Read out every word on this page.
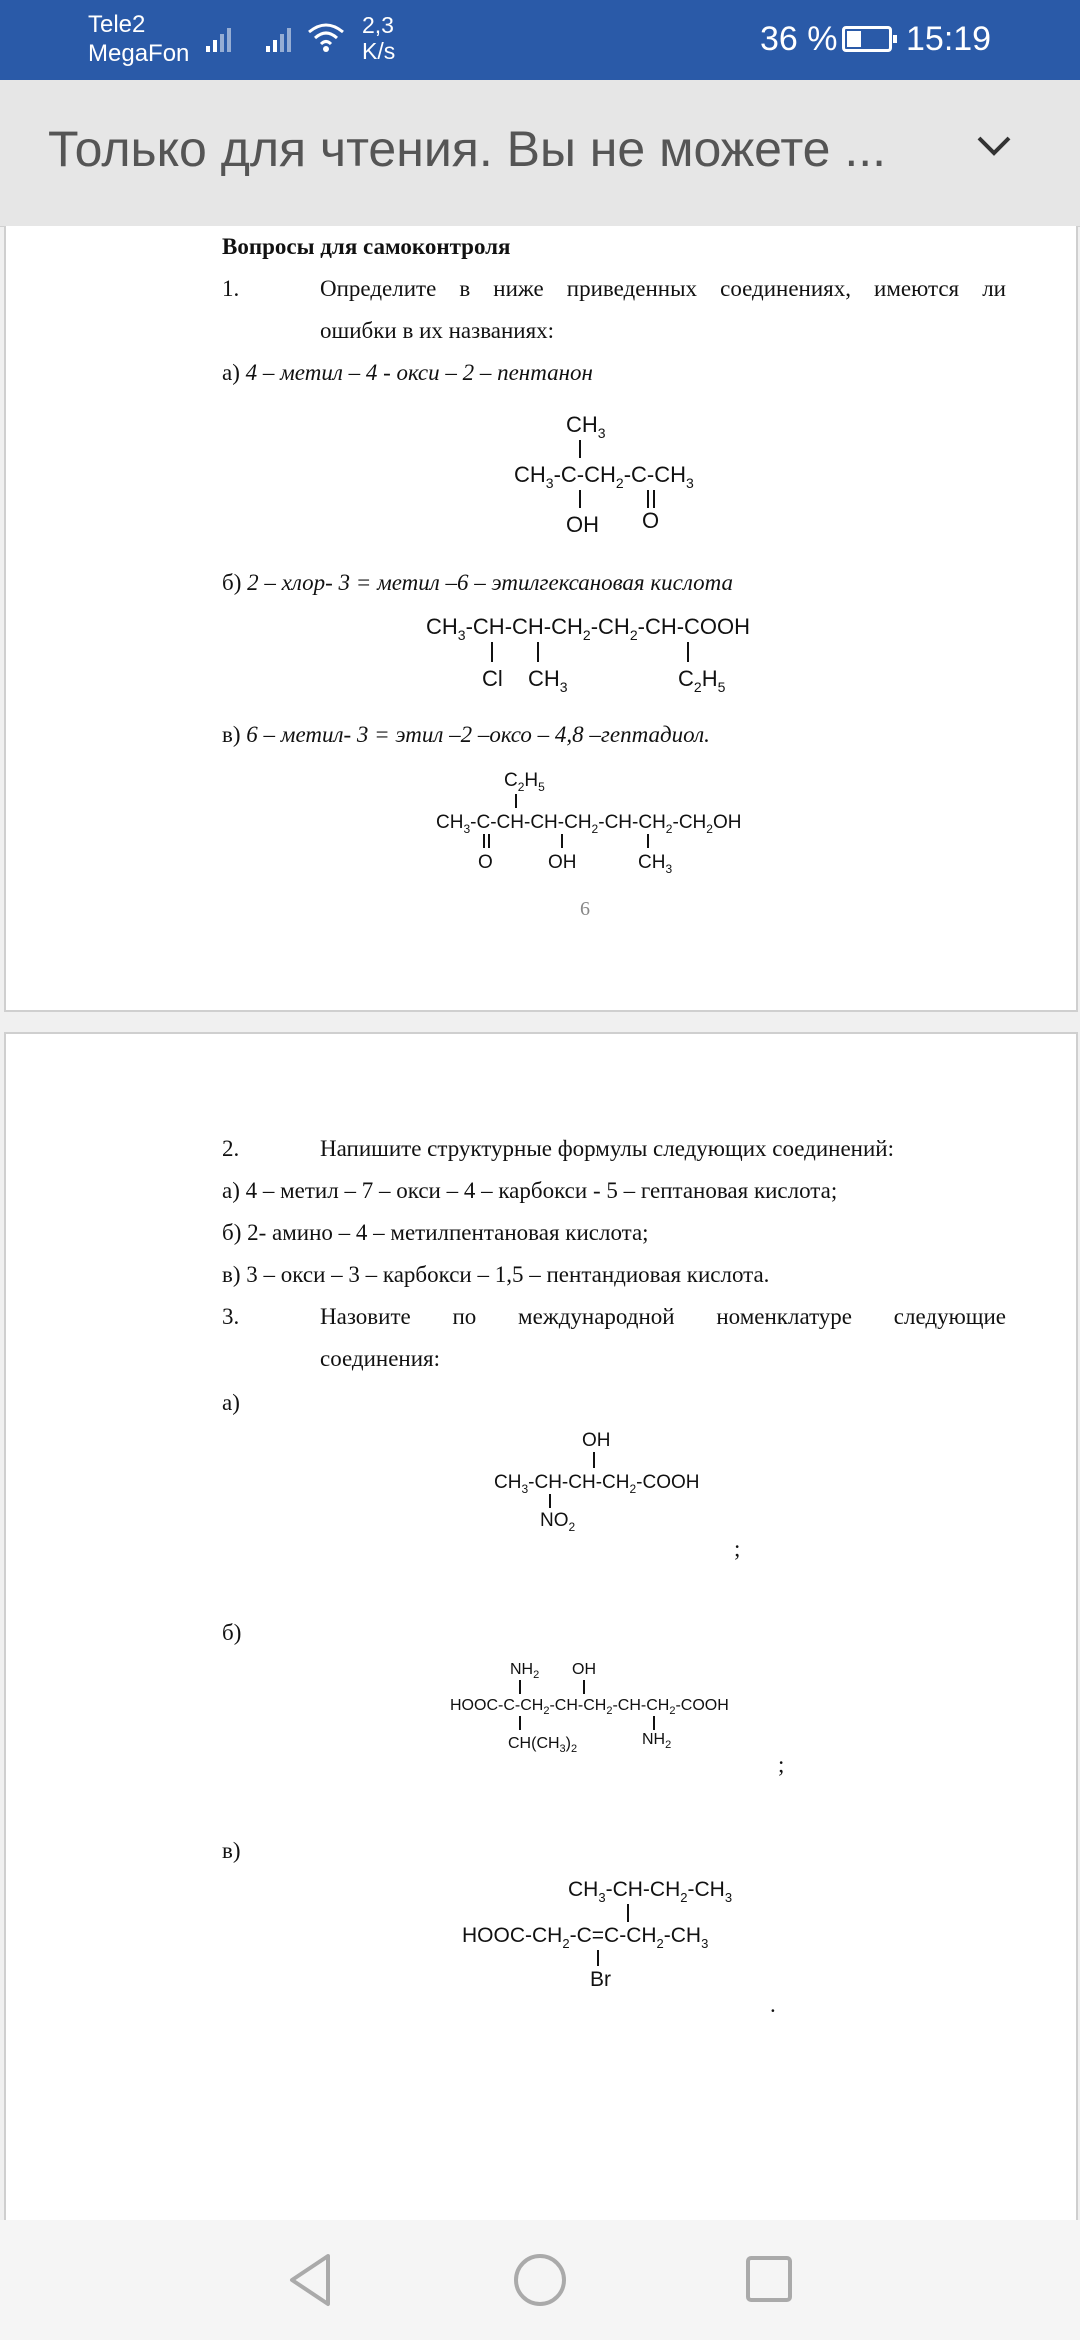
Tele2
MegaFon
2,3
K/s	36 % 15:19
Только для чтения. Вы не можете ...
Вопросы для самоконтроля
1.	Определите в ниже приведенных соединениях, имеются ли
ошибки в их названиях:
а) 4 – метил – 4 - окси – 2 – пентанон
$CH_3$
$CH_3-C-CH_2-C-CH_3$
OH O
б) 2 – хлор- 3 = метил –6 – этилгексановая кислота
$CH_3-CH-CH-CH_2-CH_2-CH$-COOH
Cl $CH_3$	$C_2H_5$
в) 6 – метил- 3 = этил –2 –оксо – 4,8 –гептадиол.
$C_2H_5$
$CH_3-C-CH-CH-CH_2-CH-CH_2-CH_2OH$
O	OH	$CH_3$
6
2.	Напишите структурные формулы следующих соединений:
а) 4 – метил – 7 – окси – 4 – карбокси - 5 – гептановая кислота;
б) 2- амино – 4 – метилпентановая кислота;
в) 3 – окси – 3 – карбокси – 1,5 – пентандиовая кислота.
3.	Назовите по международной номенклатуре следующие
соединения:
а)
OH
$CH_3-CH-CH-CH_2$-COOH
$NO_2$
;
б)
$NH_2$ OH
HOOC-$C-CH_2-CH-CH_2-CH-CH_2$-COOH
$CH(CH_3)_2$
$NH_2$
;
в)
$CH_3-CH-CH_2-CH_3$
HOOC-$CH_2-C=C-CH_2-CH_3$
Br
.
